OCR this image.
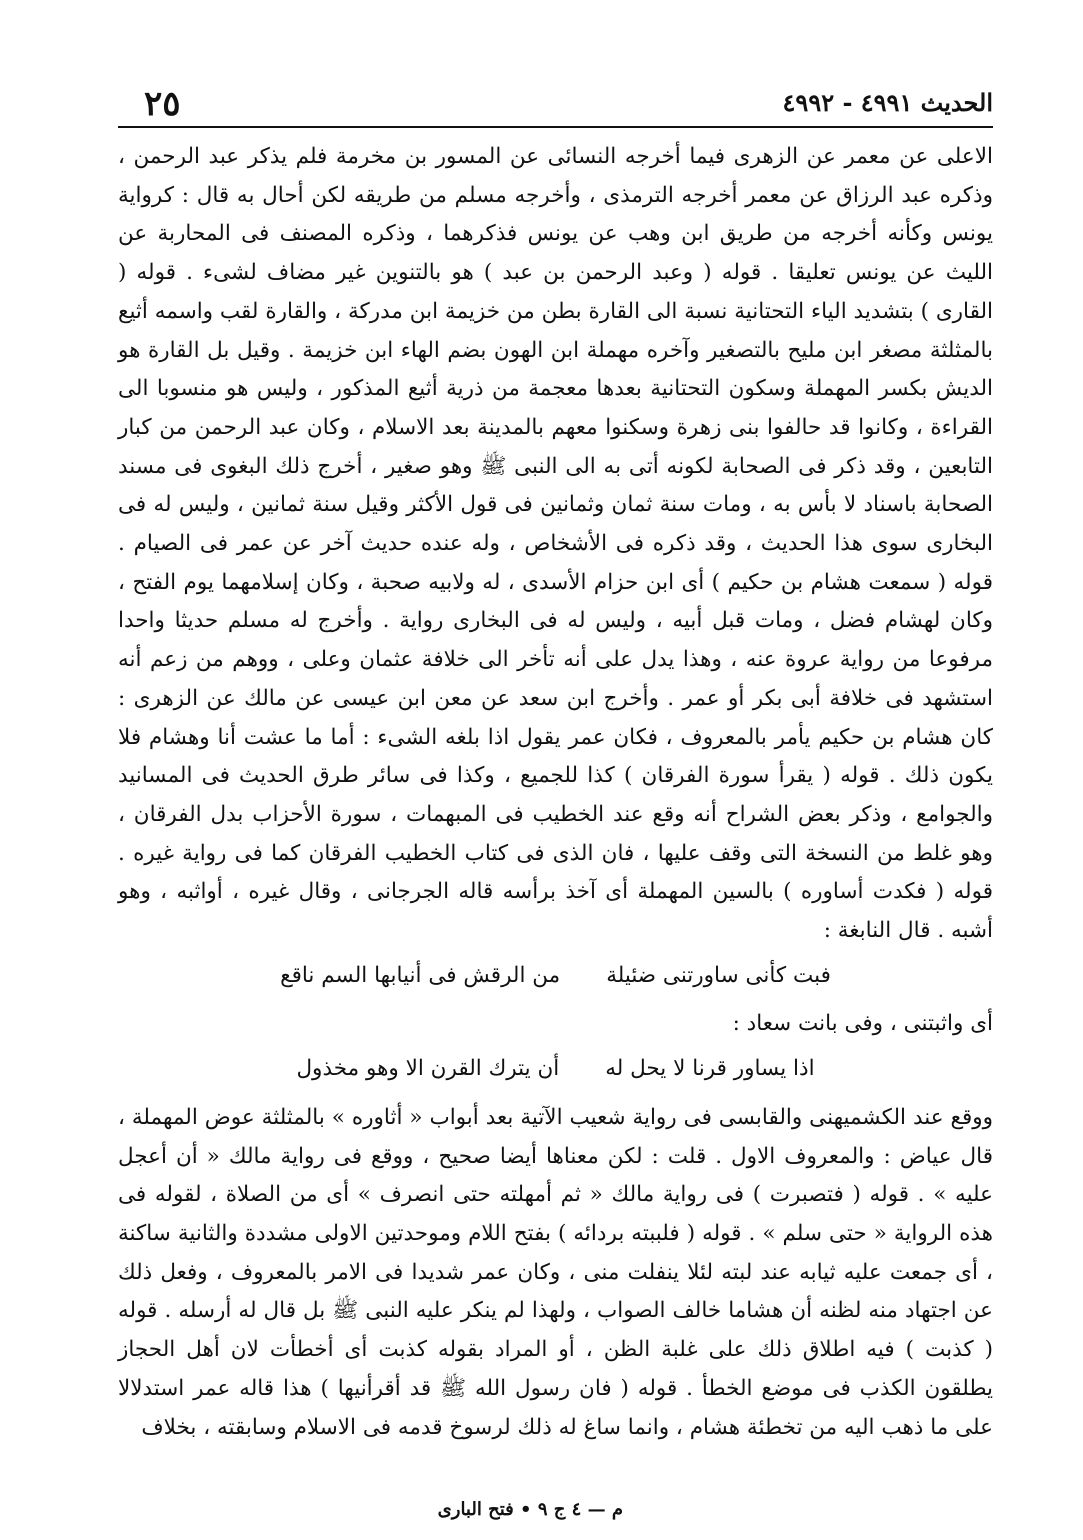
الحديث ٤٩٩١ - ٤٩٩٢
٢٥

الاعلى عن معمر عن الزهرى فيما أخرجه النسائى عن المسور بن مخرمة فلم يذكر عبد الرحمن ، وذكره عبد الرزاق عن معمر أخرجه الترمذى ، وأخرجه مسلم من طريقه لكن أحال به قال : كرواية يونس وكأنه أخرجه من طريق ابن وهب عن يونس فذكرهما ، وذكره المصنف فى المحاربة عن الليث عن يونس تعليقا . قوله ( وعبد الرحمن بن عبد ) هو بالتنوين غير مضاف لشىء . قوله ( القارى ) بتشديد الياء التحتانية نسبة الى القارة بطن من خزيمة ابن مدركة ، والقارة لقب واسمه أثيع بالمثلثة مصغر ابن مليح بالتصغير وآخره مهملة ابن الهون بضم الهاء ابن خزيمة . وقيل بل القارة هو الديش بكسر المهملة وسكون التحتانية بعدها معجمة من ذرية أثيع المذكور ، وليس هو منسوبا الى القراءة ، وكانوا قد حالفوا بنى زهرة وسكنوا معهم بالمدينة بعد الاسلام ، وكان عبد الرحمن من كبار التابعين ، وقد ذكر فى الصحابة لكونه أتى به الى النبى ﷺ وهو صغير ، أخرج ذلك البغوى فى مسند الصحابة باسناد لا بأس به ، ومات سنة ثمان وثمانين فى قول الأكثر وقيل سنة ثمانين ، وليس له فى البخارى سوى هذا الحديث ، وقد ذكره فى الأشخاص ، وله عنده حديث آخر عن عمر فى الصيام . قوله ( سمعت هشام بن حكيم ) أى ابن حزام الأسدى ، له ولابيه صحبة ، وكان إسلامهما يوم الفتح ، وكان لهشام فضل ، ومات قبل أبيه ، وليس له فى البخارى رواية . وأخرج له مسلم حديثا واحدا مرفوعا من رواية عروة عنه ، وهذا يدل على أنه تأخر الى خلافة عثمان وعلى ، ووهم من زعم أنه استشهد فى خلافة أبى بكر أو عمر . وأخرج ابن سعد عن معن ابن عيسى عن مالك عن الزهرى : كان هشام بن حكيم يأمر بالمعروف ، فكان عمر يقول اذا بلغه الشىء : أما ما عشت أنا وهشام فلا يكون ذلك . قوله ( يقرأ سورة الفرقان ) كذا للجميع ، وكذا فى سائر طرق الحديث فى المسانيد والجوامع ، وذكر بعض الشراح أنه وقع عند الخطيب فى المبهمات ، سورة الأحزاب بدل الفرقان ، وهو غلط من النسخة التى وقف عليها ، فان الذى فى كتاب الخطيب الفرقان كما فى رواية غيره . قوله ( فكدت أساوره ) بالسين المهملة أى آخذ برأسه قاله الجرجانى ، وقال غيره ، أواثبه ، وهو أشبه . قال النابغة :

فبت كأنى ساورتنى ضئيلة
من الرقش فى أنيابها السم ناقع

أى واثبتنى ، وفى بانت سعاد :

اذا يساور قرنا لا يحل له
أن يترك القرن الا وهو مخذول

ووقع عند الكشميهنى والقابسى فى رواية شعيب الآتية بعد أبواب « أثاوره » بالمثلثة عوض المهملة ، قال عياض : والمعروف الاول . قلت : لكن معناها أيضا صحيح ، ووقع فى رواية مالك « أن أعجل عليه » . قوله ( فتصبرت ) فى رواية مالك « ثم أمهلته حتى انصرف » أى من الصلاة ، لقوله فى هذه الرواية « حتى سلم » . قوله ( فلببته بردائه ) بفتح اللام وموحدتين الاولى مشددة والثانية ساكنة ، أى جمعت عليه ثيابه عند لبته لئلا ينفلت منى ، وكان عمر شديدا فى الامر بالمعروف ، وفعل ذلك عن اجتهاد منه لظنه أن هشاما خالف الصواب ، ولهذا لم ينكر عليه النبى ﷺ بل قال له أرسله . قوله ( كذبت ) فيه اطلاق ذلك على غلبة الظن ، أو المراد بقوله كذبت أى أخطأت لان أهل الحجاز يطلقون الكذب فى موضع الخطأ . قوله ( فان رسول الله ﷺ قد أقرأنيها ) هذا قاله عمر استدلالا على ما ذهب اليه من تخطئة هشام ، وانما ساغ له ذلك لرسوخ قدمه فى الاسلام وسابقته ، بخلاف

م — ٤ ج ٩ • فتح البارى
